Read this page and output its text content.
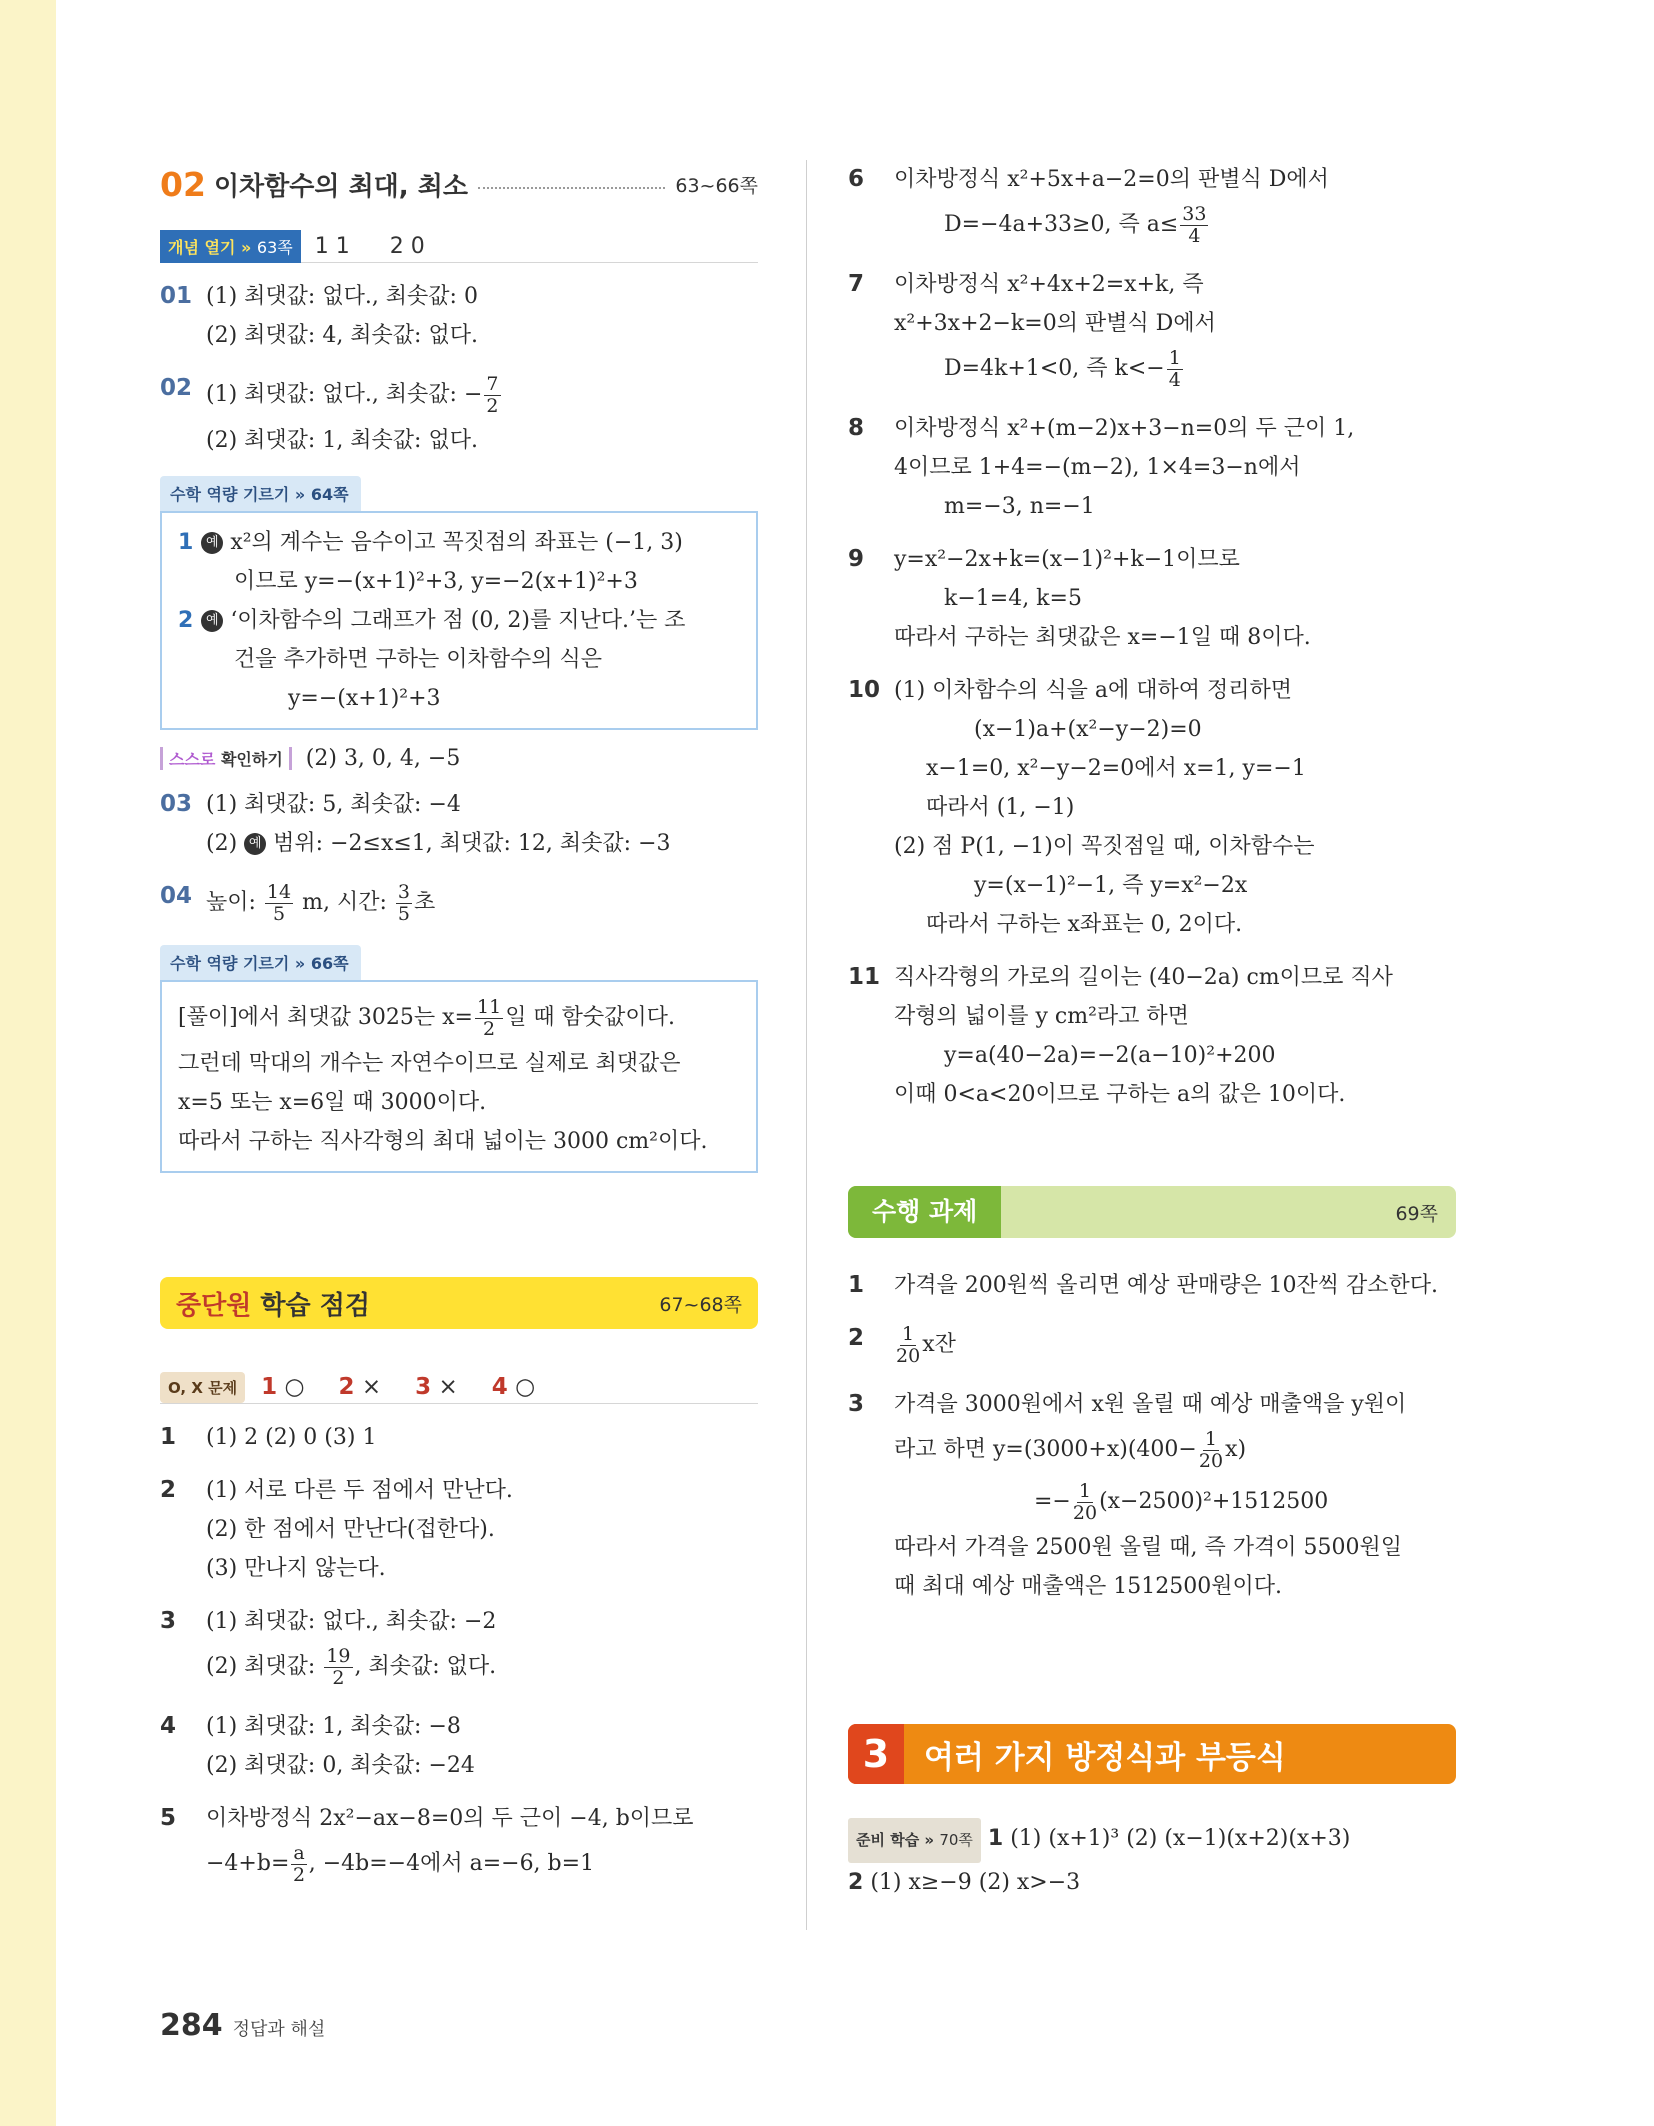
02 이차함수의 최대, 최소	63~66쪽
개념 열기 » 63쪽	1 1 2 0
01 (1) 최댓값: 없다., 최솟값: 0
(2) 최댓값: 4, 최솟값: 없다.
02 (1) 최댓값: 없다., 최솟값: − $\frac{7}{2}$
(2) 최댓값: 1, 최솟값: 없다.
수학 역량 기르기 » 64쪽
1 예 x²의 계수는 음수이고 꼭짓점의 좌표는 (−1, 3)
이므로 y=−(x+1)²+3, y=−2(x+1)²+3
2 예 ‘이차함수의 그래프가 점 (0, 2)를 지난다.’는 조
건을 추가하면 구하는 이차함수의 식은
y=−(x+1)²+3
스스로 확인하기	(2) 3, 0, 4, −5
03 (1) 최댓값: 5, 최솟값: −4
(2) 예 범위: −2≤x≤1, 최댓값: 12, 최솟값: −3
04 높이: $\frac{14}{5} m$, 시간: $\frac{3}{5}$ 초
수학 역량 기르기 » 66쪽
[풀이]에서 최댓값 3025는 $x= \frac{11}{2}$ 일 때 함숫값이다.
그런데 막대의 개수는 자연수이므로 실제로 최댓값은
x=5 또는 x=6일 때 3000이다.
따라서 구하는 직사각형의 최대 넓이는 3000 cm²이다.
중단원 학습 점검	67~68쪽
O, X 문제	1 ○ 2 × 3 × 4 ○
1	(1) 2 (2) 0 (3) 1
2	(1) 서로 다른 두 점에서 만난다.
(2) 한 점에서 만난다(접한다).
(3) 만나지 않는다.
3	(1) 최댓값: 없다., 최솟값: −2
(2) 최댓값: $\frac{19}{2}$ , 최솟값: 없다.
4	(1) 최댓값: 1, 최솟값: −8
(2) 최댓값: 0, 최솟값: −24
5	이차방정식 2x²−ax−8=0의 두 근이 −4, b이므로
$-4+b= \frac{a}{2}$ , −4b=−4에서 a=−6, b=1
6	이차방정식 x²+5x+a−2=0의 판별식 D에서
D=−4a+33≥0, 즉 $a\le \frac{33}{4}$
7	이차방정식 x²+4x+2=x+k, 즉
x²+3x+2−k=0의 판별식 D에서
D=4k+1<0, 즉 $k<- \frac{1}{4}$
8	이차방정식 x²+(m−2)x+3−n=0의 두 근이 1,
4이므로 1+4=−(m−2), 1×4=3−n에서
m=−3, n=−1
9	y=x²−2x+k=(x−1)²+k−1이므로
k−1=4, k=5
따라서 구하는 최댓값은 x=−1일 때 8이다.
10 (1) 이차함수의 식을 a에 대하여 정리하면
(x−1)a+(x²−y−2)=0
x−1=0, x²−y−2=0에서 x=1, y=−1
따라서 (1, −1)
(2) 점 P(1, −1)이 꼭짓점일 때, 이차함수는
y=(x−1)²−1, 즉 y=x²−2x
따라서 구하는 x좌표는 0, 2이다.
11 직사각형의 가로의 길이는 (40−2a) cm이므로 직사
각형의 넓이를 y cm²라고 하면
y=a(40−2a)=−2(a−10)²+200
이때 0<a<20이므로 구하는 a의 값은 10이다.
수행 과제	69쪽
1	가격을 200원씩 올리면 예상 판매량은 10잔씩 감소한다.
2	$\frac{1}{20}$ x잔
3	가격을 3000원에서 x원 올릴 때 예상 매출액을 y원이
라고 하면 $y=(3000+x)(400- \frac{1}{20} x)$
=− $\frac{1}{20} (x-2500)^2+1512500$
따라서 가격을 2500원 올릴 때, 즉 가격이 5500원일
때 최대 예상 매출액은 1512500원이다.
3	여러 가지 방정식과 부등식
준비 학습 » 70쪽 1 (1) (x+1)³ (2) (x−1)(x+2)(x+3)
2 (1) x≥−9 (2) x>−3
284 정답과 해설
